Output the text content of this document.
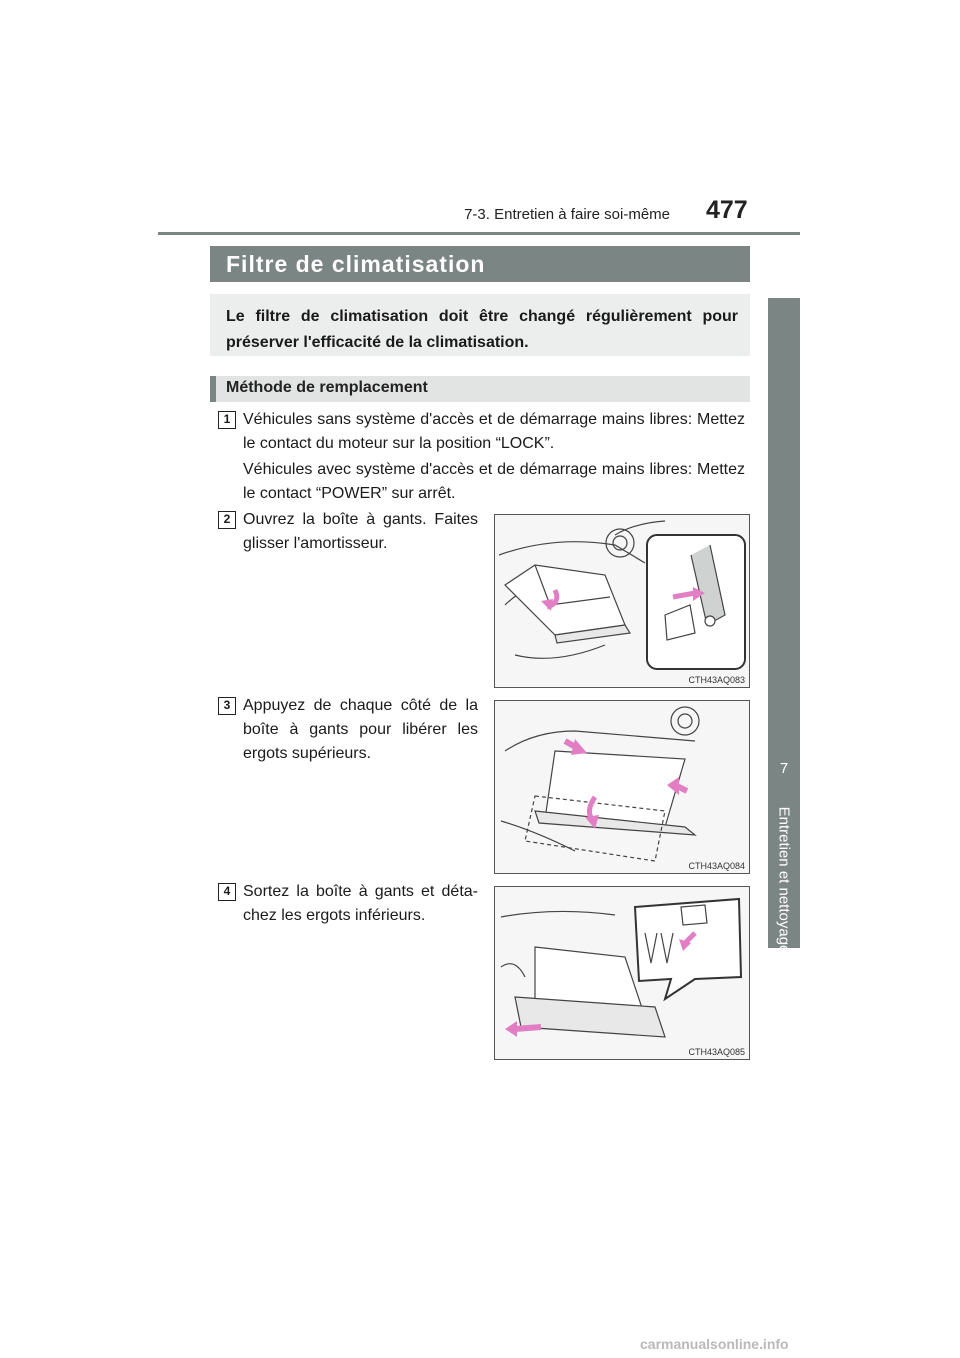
7-3. Entretien à faire soi-même 477
7
Entretien et nettoyage
Filtre de climatisation
Le filtre de climatisation doit être changé régulièrement pour préserver l'efficacité de la climatisation.
Méthode de remplacement
1 Véhicules sans système d'accès et de démarrage mains libres: Mettez le contact du moteur sur la position “LOCK”.
Véhicules avec système d'accès et de démarrage mains libres: Mettez le contact “POWER” sur arrêt.
2 Ouvrez la boîte à gants. Faites glisser l'amortisseur.
CTH43AQ083
3 Appuyez de chaque côté de la boîte à gants pour libérer les ergots supérieurs.
CTH43AQ084
4 Sortez la boîte à gants et déta-chez les ergots inférieurs.
CTH43AQ085
carmanualsonline.info
